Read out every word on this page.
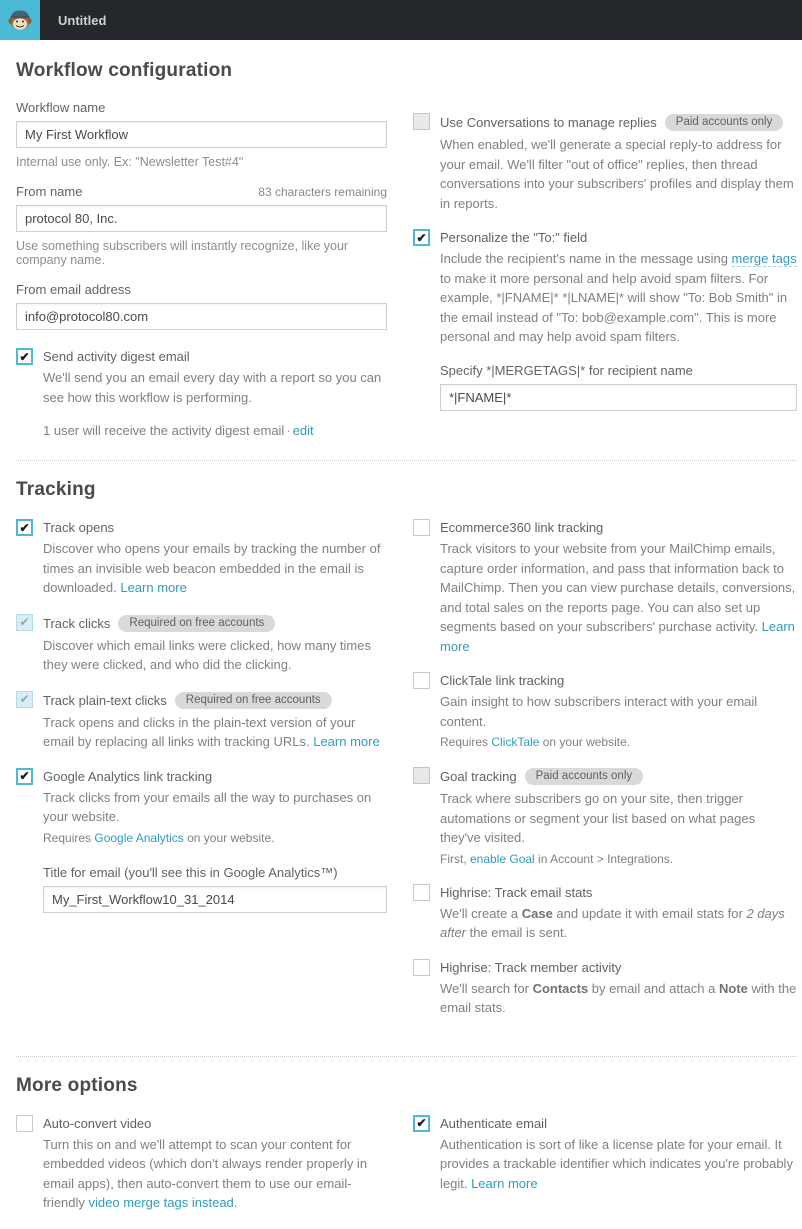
Untitled
Workflow configuration
Workflow name
My First Workflow
Internal use only. Ex: "Newsletter Test#4"
From name	83 characters remaining
protocol 80, Inc.
Use something subscribers will instantly recognize, like your company name.
From email address
info@protocol80.com
✔ Send activity digest email

We'll send you an email every day with a report so you can see how this workflow is performing.

1 user will receive the activity digest email · edit
Use Conversations to manage replies	Paid accounts only

When enabled, we'll generate a special reply-to address for your email. We'll filter "out of office" replies, then thread conversations into your subscribers' profiles and display them in reports.

✔ Personalize the "To:" field

Include the recipient's name in the message using merge tags to make it more personal and help avoid spam filters. For example, *|FNAME|* *|LNAME|* will show "To: Bob Smith" in the email instead of "To: bob@example.com". This is more personal and may help avoid spam filters.

Specify *|MERGETAGS|* for recipient name
*|FNAME|*
Tracking
✔ Track opens

Discover who opens your emails by tracking the number of times an invisible web beacon embedded in the email is downloaded. Learn more

✔ Track clicks	Required on free accounts

Discover which email links were clicked, how many times they were clicked, and who did the clicking.

✔ Track plain-text clicks	Required on free accounts

Track opens and clicks in the plain-text version of your email by replacing all links with tracking URLs. Learn more

✔ Google Analytics link tracking

Track clicks from your emails all the way to purchases on your website.

Requires Google Analytics on your website.

Title for email (you'll see this in Google Analytics™)
My_First_Workflow10_31_2014
Ecommerce360 link tracking

Track visitors to your website from your MailChimp emails, capture order information, and pass that information back to MailChimp. Then you can view purchase details, conversions, and total sales on the reports page. You can also set up segments based on your subscribers' purchase activity. Learn more

ClickTale link tracking

Gain insight to how subscribers interact with your email content.

Requires ClickTale on your website.

Goal tracking	Paid accounts only

Track where subscribers go on your site, then trigger automations or segment your list based on what pages they've visited.

First, enable Goal in Account > Integrations.

Highrise: Track email stats

We'll create a Case and update it with email stats for 2 days after the email is sent.

Highrise: Track member activity

We'll search for Contacts by email and attach a Note with the email stats.

More options
Auto-convert video

Turn this on and we'll attempt to scan your content for embedded videos (which don't always render properly in email apps), then auto-convert them to use our email-friendly video merge tags instead.

✔ Authenticate email

Authentication is sort of like a license plate for your email. It provides a trackable identifier which indicates you're probably legit. Learn more
